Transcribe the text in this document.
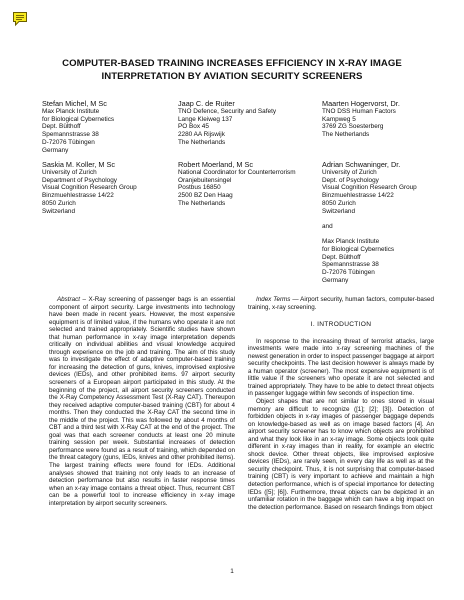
COMPUTER-BASED TRAINING INCREASES EFFICIENCY IN X-RAY IMAGE
INTERPRETATION BY AVIATION SECURITY SCREENERS
Stefan Michel, M Sc
Max Planck Institute
for Biological Cybernetics
Dept. Bülthoff
Spemannstrasse 38
D-72076 Tübingen
Germany
Jaap C. de Ruiter
TNO Defence, Security and Safety
Lange Kleiweg 137
PO Box 45
2280 AA Rijswijk
The Netherlands
Maarten Hogervorst, Dr.
TNO DSS Human Factors
Kampweg 5
3769 ZG Soesterberg
The Netherlands
Saskia M. Koller, M Sc
University of Zurich
Department of Psychology
Visual Cognition Research Group
Binzmuehlestrasse 14/22
8050 Zurich
Switzerland
Robert Moerland, M Sc
National Coordinator for Counterterrorism
Oranjebuitensingel
Postbus 16850
2500 BZ Den Haag
The Netherlands
Adrian Schwaninger, Dr.
University of Zurich
Dept. of Psychology
Visual Cognition Research Group
Binzmuehlestrasse 14/22
8050 Zurich
Switzerland
and
Max Planck Institute
for Biological Cybernetics
Dept. Bülthoff
Spemannstrasse 38
D-72076 Tübingen
Germany

Abstract – X-Ray screening of passenger bags is an essential component of airport security. Large investments into technology have been made in recent years. However, the most expensive equipment is of limited value, if the humans who operate it are not selected and trained appropriately. Scientific studies have shown that human performance in x-ray image interpretation depends critically on individual abilities and visual knowledge acquired through experience on the job and training. The aim of this study was to investigate the effect of adaptive computer-based training for increasing the detection of guns, knives, improvised explosive devices (IEDs), and other prohibited items. 97 airport security screeners of a European airport participated in this study. At the beginning of the project, all airport security screeners conducted the X-Ray Competency Assessment Test (X-Ray CAT). Thereupon they received adaptive computer-based training (CBT) for about 4 months. Then they conducted the X-Ray CAT the second time in the middle of the project. This was followed by about 4 months of CBT and a third test with X-Ray CAT at the end of the project. The goal was that each screener conducts at least one 20 minute training session per week. Substantial increases of detection performance were found as a result of training, which depended on the threat category (guns, IEDs, knives and other prohibited items). The largest training effects were found for IEDs. Additional analyses showed that training not only leads to an increase of detection performance but also results in faster response times when an x-ray image contains a threat object. Thus, recurrent CBT can be a powerful tool to increase efficiency in x-ray image interpretation by airport security screeners.

Index Terms — Airport security, human factors, computer-based training, x-ray screening.

I. INTRODUCTION

In response to the increasing threat of terrorist attacks, large investments were made into x-ray screening machines of the newest generation in order to inspect passenger baggage at airport security checkpoints. The last decision however is always made by a human operator (screener). The most expensive equipment is of little value if the screeners who operate it are not selected and trained appropriately. They have to be able to detect threat objects in passenger luggage within few seconds of inspection time.

Object shapes that are not similar to ones stored in visual memory are difficult to recognize ([1]; [2]; [3]). Detection of forbidden objects in x-ray images of passenger baggage depends on knowledge-based as well as on image based factors [4]. An airport security screener has to know which objects are prohibited and what they look like in an x-ray image. Some objects look quite different in x-ray images than in reality, for example an electric shock device. Other threat objects, like improvised explosive devices (IEDs), are rarely seen, in every day life as well as at the security checkpoint. Thus, it is not surprising that computer-based training (CBT) is very important to achieve and maintain a high detection performance, which is of special importance for detecting IEDs ([5]; [6]). Furthermore, threat objects can be depicted in an unfamiliar rotation in the baggage which can have a big impact on the detection performance. Based on research findings from object

1
